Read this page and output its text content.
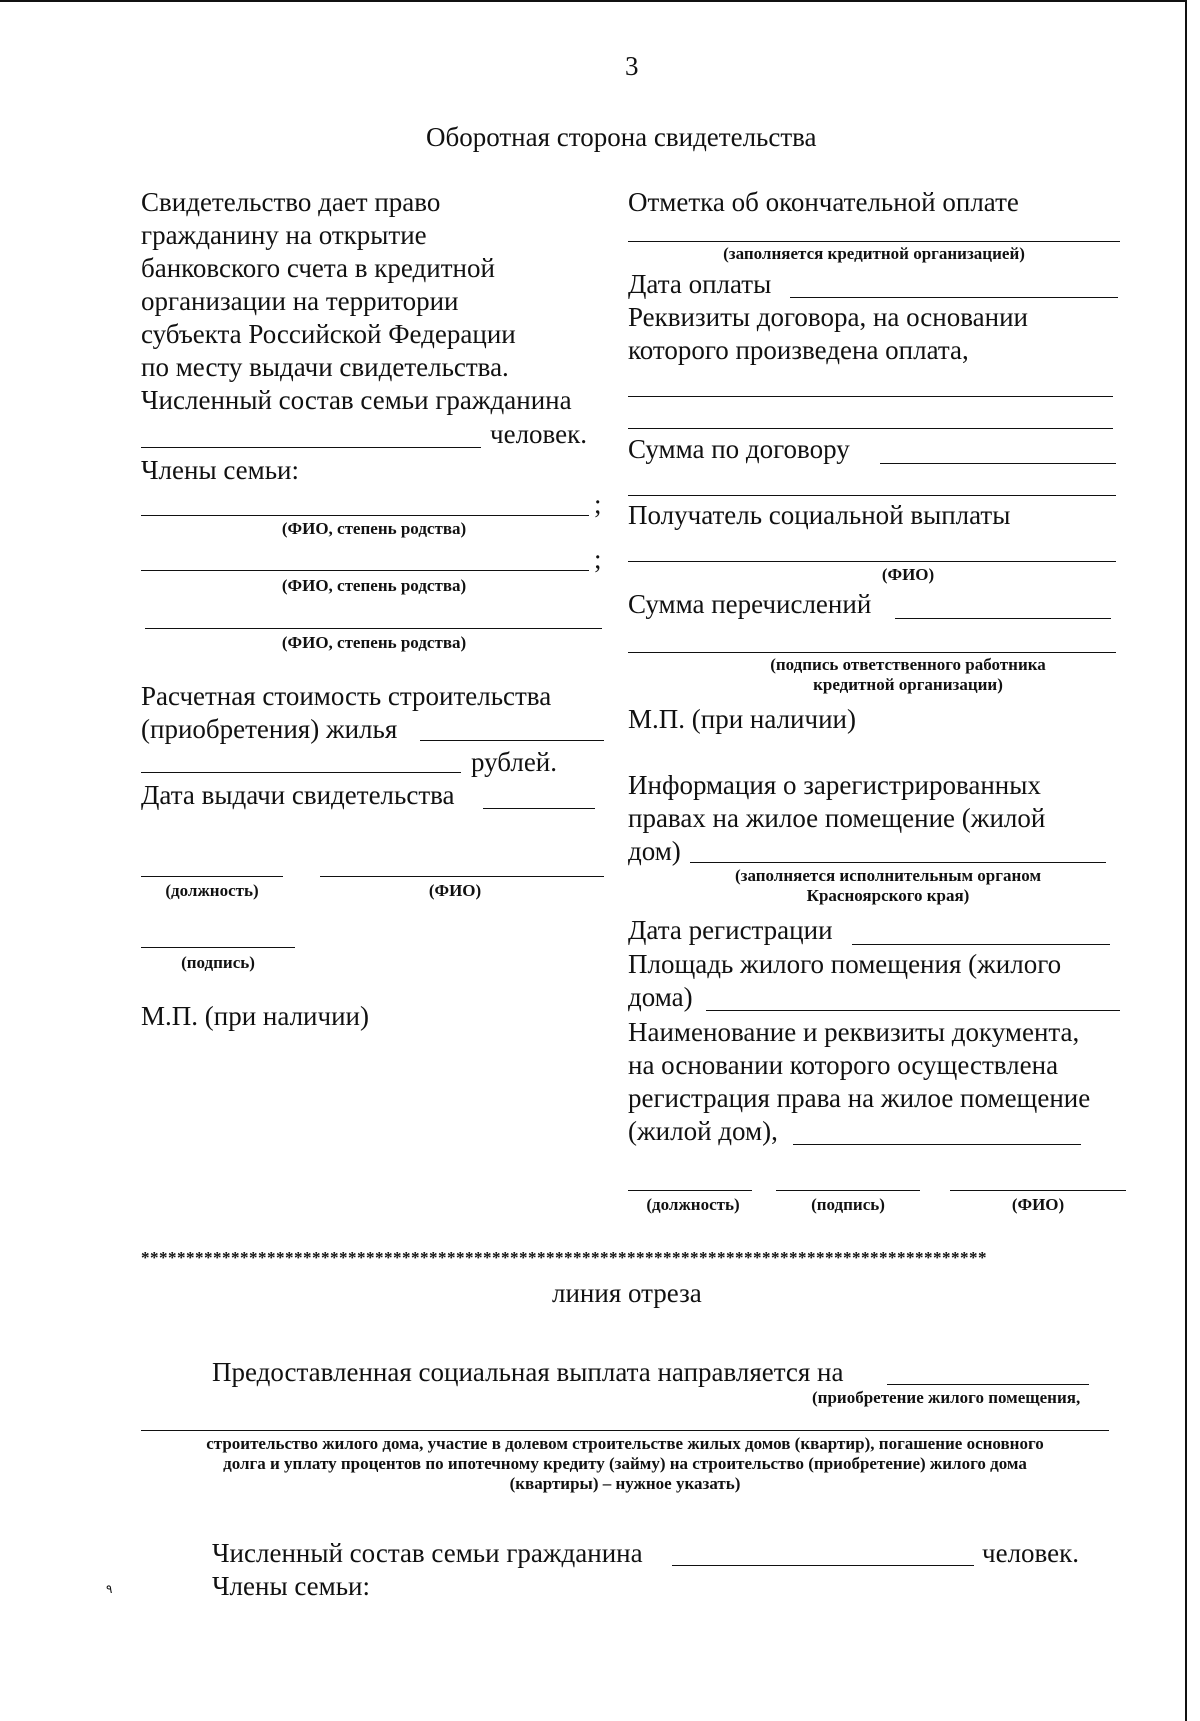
3
Оборотная сторона свидетельства
Свидетельство дает право
гражданину на открытие
банковского счета в кредитной
организации на территории
субъекта Российской Федерации
по месту выдачи свидетельства.
Численный состав семьи гражданина
человек.
Члены семьи:
;
(ФИО, степень родства)
;
(ФИО, степень родства)
(ФИО, степень родства)
Расчетная стоимость строительства
(приобретения) жилья
рублей.
Дата выдачи свидетельства
(должность)	(ФИО)
(подпись)
М.П. (при наличии)
Отметка об окончательной оплате
(заполняется кредитной организацией)
Дата оплаты
Реквизиты договора, на основании
которого произведена оплата,
Сумма по договору
Получатель социальной выплаты
(ФИО)
Сумма перечислений
(подпись ответственного работника
кредитной организации)
М.П. (при наличии)
Информация о зарегистрированных
правах на жилое помещение (жилой
дом)
(заполняется исполнительным органом
Красноярского края)
Дата регистрации
Площадь жилого помещения (жилого
дома)
Наименование и реквизиты документа,
на основании которого осуществлена
регистрация права на жилое помещение
(жилой дом),
(должность)	(подпись)	(ФИО)
**********************************************************************************************
линия отреза
Предоставленная социальная выплата направляется на
(приобретение жилого помещения,
строительство жилого дома, участие в долевом строительстве жилых домов (квартир), погашение основного
долга и уплату процентов по ипотечному кредиту (займу) на строительство (приобретение) жилого дома
(квартиры) – нужное указать)
Численный состав семьи гражданина	человек.
Члены семьи:
٩
